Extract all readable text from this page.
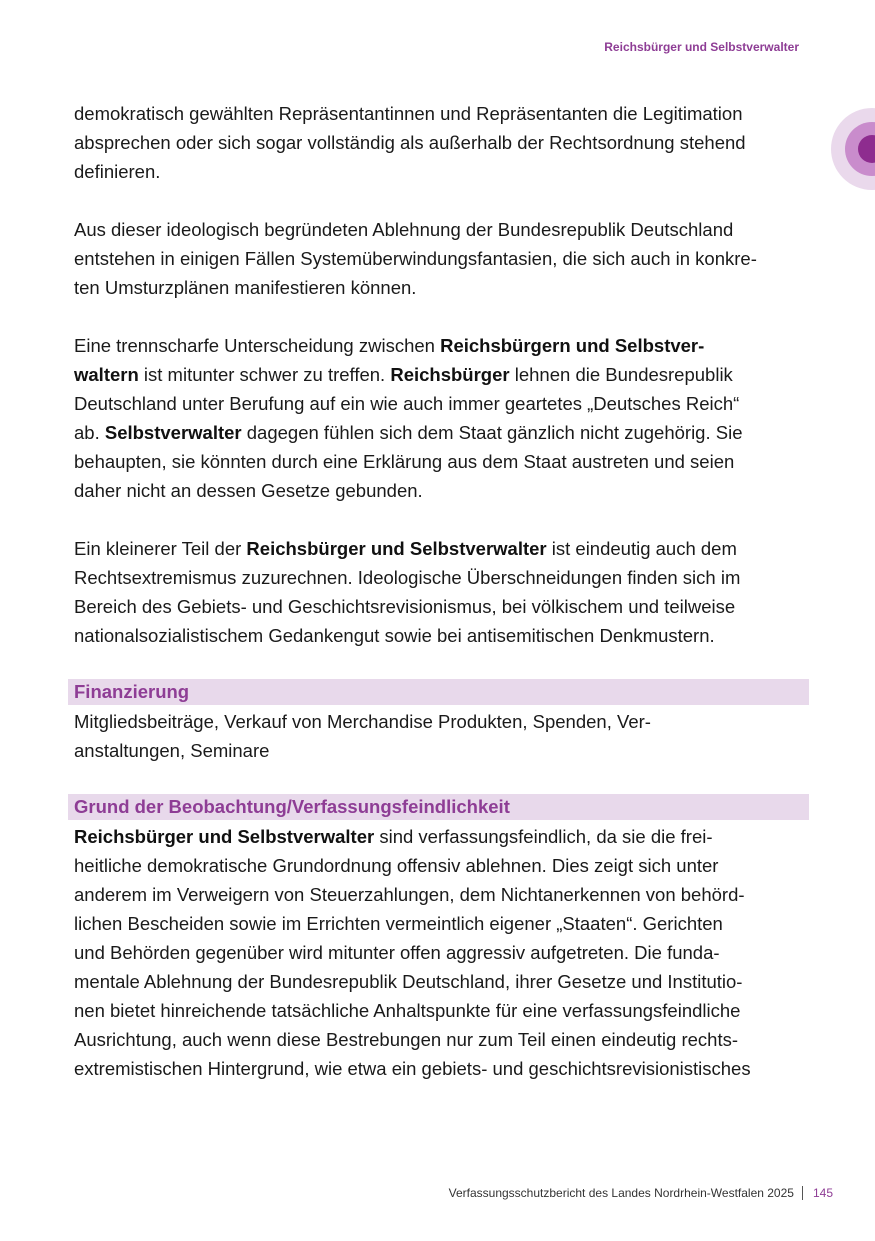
Reichsbürger und Selbstverwalter

demokratisch gewählten Repräsentantinnen und Repräsentanten die Legitimation
absprechen oder sich sogar vollständig als außerhalb der Rechtsordnung stehend
definieren.

Aus dieser ideologisch begründeten Ablehnung der Bundesrepublik Deutschland
entstehen in einigen Fällen Systemüberwindungsfantasien, die sich auch in konkre-
ten Umsturzplänen manifestieren können.

Eine trennscharfe Unterscheidung zwischen Reichsbürgern und Selbstver-
waltern ist mitunter schwer zu treffen. Reichsbürger lehnen die Bundesrepublik
Deutschland unter Berufung auf ein wie auch immer geartetes „Deutsches Reich“
ab. Selbstverwalter dagegen fühlen sich dem Staat gänzlich nicht zugehörig. Sie
behaupten, sie könnten durch eine Erklärung aus dem Staat austreten und seien
daher nicht an dessen Gesetze gebunden.

Ein kleinerer Teil der Reichsbürger und Selbstverwalter ist eindeutig auch dem
Rechtsextremismus zuzurechnen. Ideologische Überschneidungen finden sich im
Bereich des Gebiets- und Geschichtsrevisionismus, bei völkischem und teilweise
nationalsozialistischem Gedankengut sowie bei antisemitischen Denkmustern.

Finanzierung

Mitgliedsbeiträge, Verkauf von Merchandise Produkten, Spenden, Ver-
anstaltungen, Seminare

Grund der Beobachtung/Verfassungsfeindlichkeit

Reichsbürger und Selbstverwalter sind verfassungsfeindlich, da sie die frei-
heitliche demokratische Grundordnung offensiv ablehnen. Dies zeigt sich unter
anderem im Verweigern von Steuerzahlungen, dem Nichtanerkennen von behörd-
lichen Bescheiden sowie im Errichten vermeintlich eigener „Staaten“. Gerichten
und Behörden gegenüber wird mitunter offen aggressiv aufgetreten. Die funda-
mentale Ablehnung der Bundesrepublik Deutschland, ihrer Gesetze und Institutio-
nen bietet hinreichende tatsächliche Anhaltspunkte für eine verfassungsfeindliche
Ausrichtung, auch wenn diese Bestrebungen nur zum Teil einen eindeutig rechts-
extremistischen Hintergrund, wie etwa ein gebiets- und geschichtsrevisionistisches

Verfassungsschutzbericht des Landes Nordrhein-Westfalen 2025 145
